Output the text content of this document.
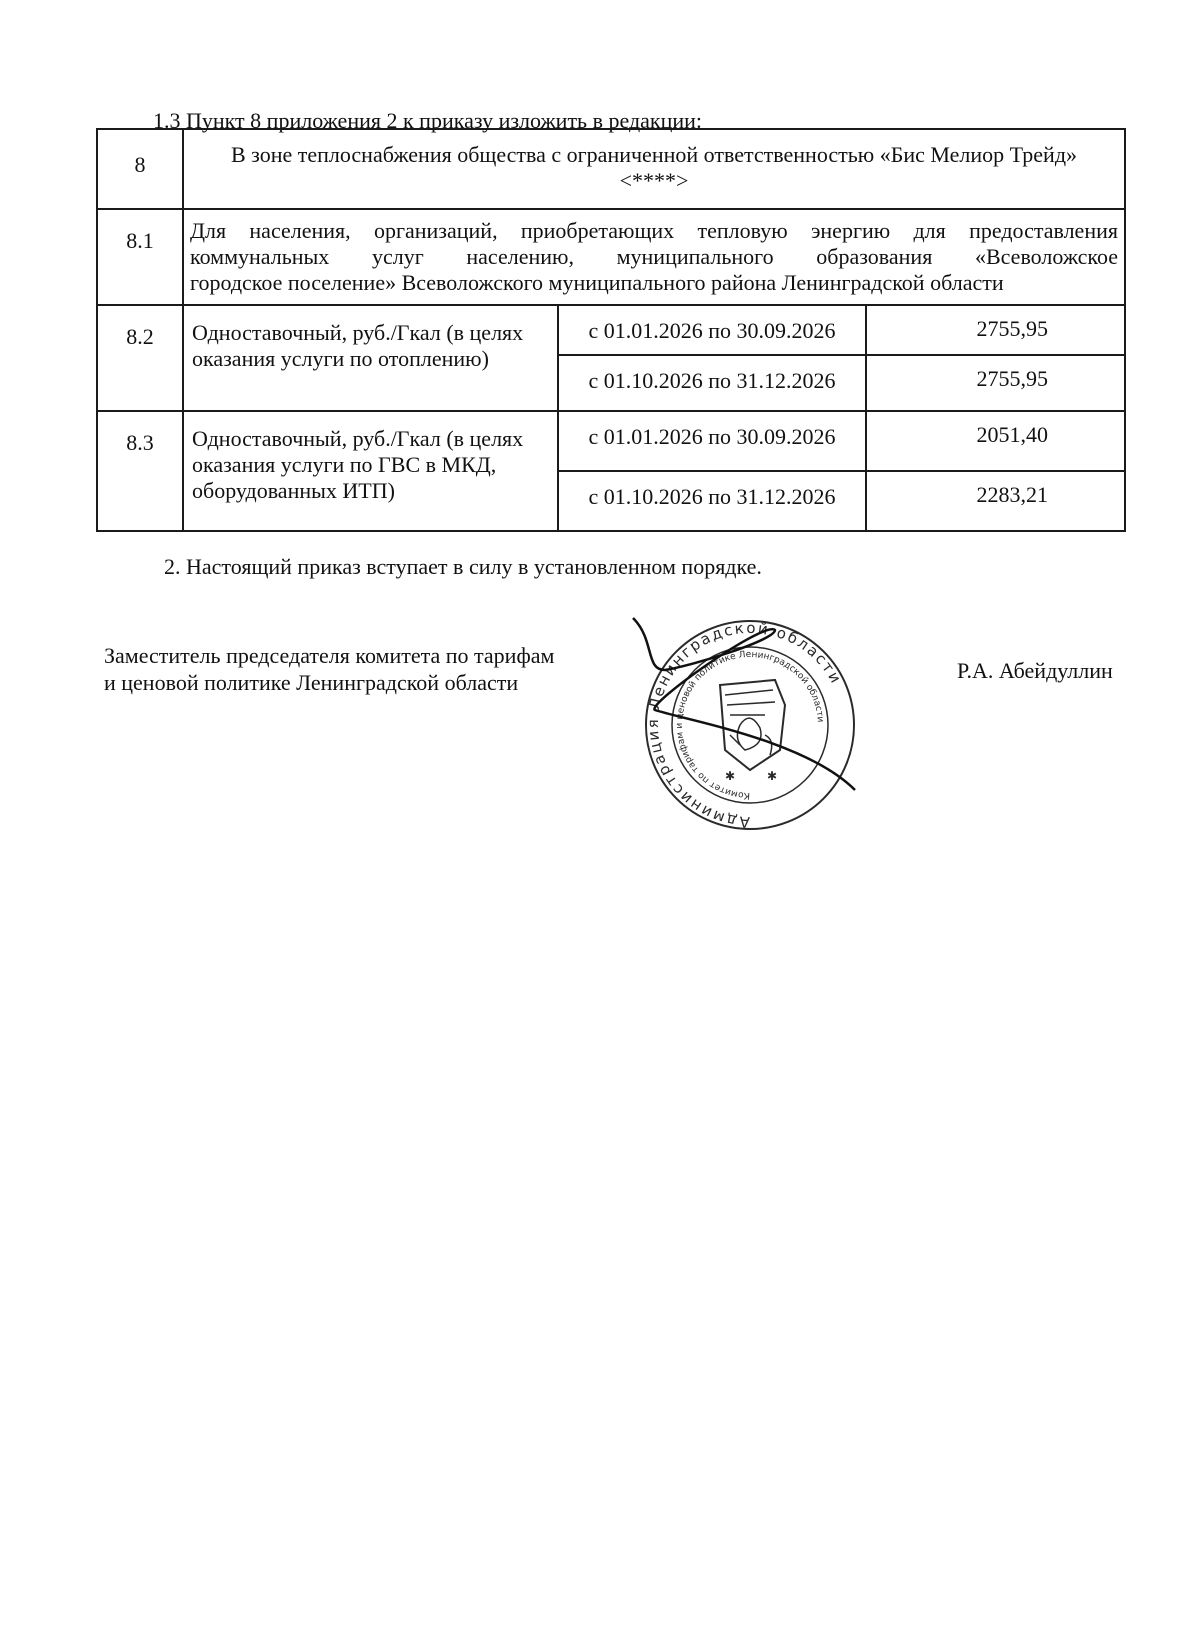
1.3 Пункт 8 приложения 2 к приказу изложить в редакции:
8	В зоне теплоснабжения общества с ограниченной ответственностью «Бис Мелиор Трейд» <****>		
8.1	Для населения, организаций, приобретающих тепловую энергию для предоставления коммунальных услуг населению, муниципального образования «Всеволожское
городское поселение» Всеволожского муниципального района Ленинградской области		

8.2	Одноставочный, руб./Гкал (в целях оказания услуги по отоплению)	с 01.01.2026 по 30.09.2026	2755,95
		с 01.10.2026 по 31.12.2026	2755,95
8.3	Одноставочный, руб./Гкал (в целях оказания услуги по ГВС в МКД, оборудованных ИТП)	с 01.01.2026 по 30.09.2026	2051,40
		с 01.10.2026 по 31.12.2026	2283,21
2. Настоящий приказ вступает в силу в установленном порядке.
Заместитель председателя комитета по тарифам
и ценовой политике Ленинградской области
Администрация Ленинградской области
Комитет по тарифам и ценовой политике Ленинградской области
✱	✱
Р.А. Абейдуллин
